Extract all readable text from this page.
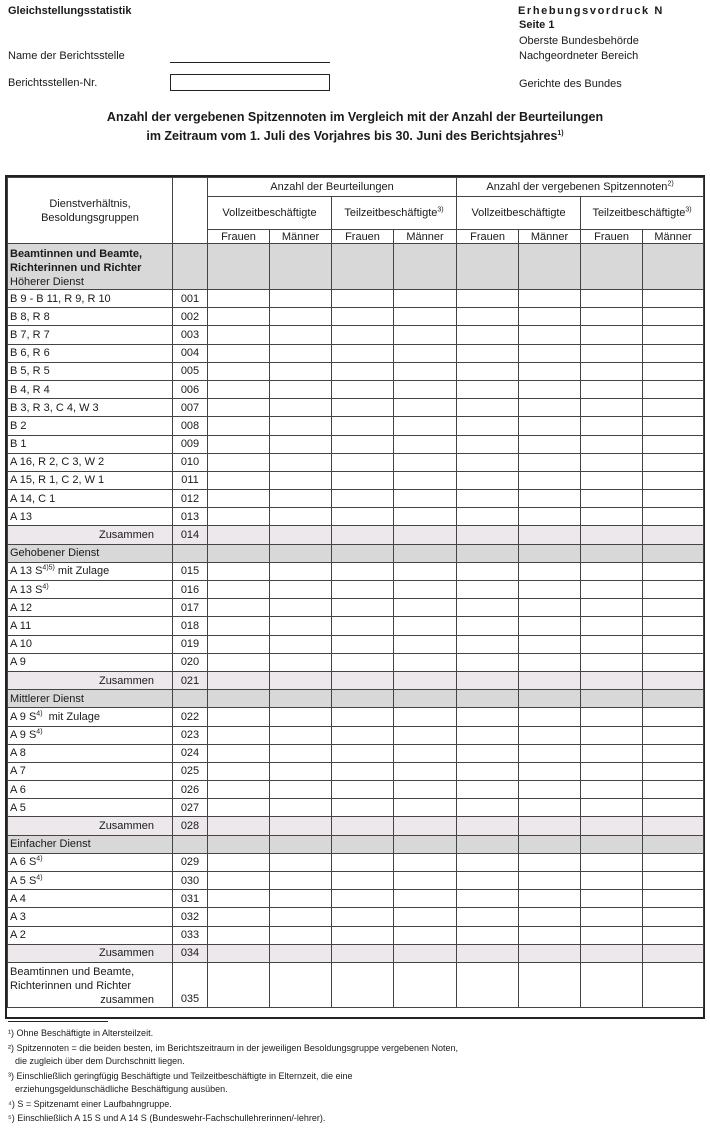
Gleichstellungsstatistik	Erhebungsvordruck N
Seite 1
Oberste Bundesbehörde
Nachgeordneter Bereich
Gerichte des Bundes
Name der Berichtsstelle
Berichtsstellen-Nr.
Anzahl der vergebenen Spitzennoten im Vergleich mit der Anzahl der Beurteilungen
im Zeitraum vom 1. Juli des Vorjahres bis 30. Juni des Berichtsjahres$^{1)}$
Dienstverhältnis, Besoldungsgruppen		Anzahl der Beurteilungen				Anzahl der vergebenen Spitzennoten$^{2)}$
		Vollzeitbeschäftigte		Teilzeitbeschäftigte$^{3)}$		Vollzeitbeschäftigte		Teilzeitbeschäftigte$^{3)}$
		Frauen	Männer	Frauen	Männer	Frauen	Männer	Frauen	Männer
Beamtinnen und Beamte,
Richterinnen und Richter
Höherer Dienst									
B 9 - B 11, R 9, R 10	001								
B 8, R 8	002								
B 7, R 7	003								
B 6, R 6	004								
B 5, R 5	005								
B 4, R 4	006								
B 3, R 3, C 4, W 3	007								
B 2	008								
B 1	009								
A 16, R 2, C 3, W 2	010								
A 15, R 1, C 2, W 1	011								
A 14, C 1	012								
A 13	013								
Zusammen	014								
Gehobener Dienst									
A 13 $S^{4)5)}$ mit Zulage	015								
A 13 $S^{4)}$	016								
A 12	017								
A 11	018								
A 10	019								
A 9	020								
Zusammen	021								
Mittlerer Dienst									
A 9 $S^{4)}$  mit Zulage	022								
A 9 $S^{4)}$	023								
A 8	024								
A 7	025								
A 6	026								
A 5	027								
Zusammen	028								
Einfacher Dienst									
A 6 $S^{4)}$	029								
A 5 $S^{4)}$	030								
A 4	031								
A 3	032								
A 2	033								
Zusammen	034								
Beamtinnen und Beamte,
Richterinnen und Richter

zusammen	035								
¹) Ohne Beschäftigte in Altersteilzeit.
²) Spitzennoten = die beiden besten, im Berichtszeitraum in der jeweiligen Besoldungsgruppe vergebenen Noten,
die zugleich über dem Durchschnitt liegen.
³) Einschließlich geringfügig Beschäftigte und Teilzeitbeschäftigte in Elternzeit, die eine
erziehungsgeldunschädliche Beschäftigung ausüben.
⁴) S = Spitzenamt einer Laufbahngruppe.
⁵) Einschließlich A 15 S und A 14 S (Bundeswehr-Fachschullehrerinnen/-lehrer).
